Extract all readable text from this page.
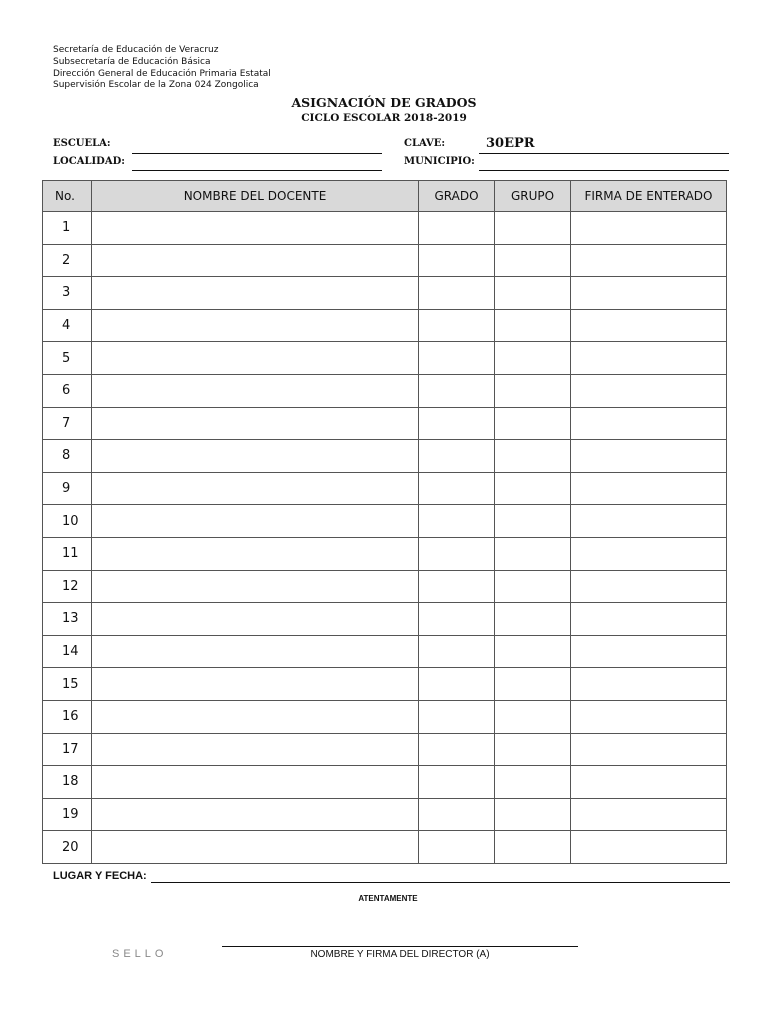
Secretaría de Educación de Veracruz
Subsecretaría de Educación Básica
Dirección General de Educación Primaria Estatal
Supervisión Escolar de la Zona 024 Zongolica
ASIGNACIÓN DE GRADOS
CICLO ESCOLAR 2018-2019
ESCUELA:
LOCALIDAD:
CLAVE:	30EPR
MUNICIPIO:
No.	NOMBRE DEL DOCENTE	GRADO	GRUPO	FIRMA DE ENTERADO
1				
2				
3				
4				
5				
6				
7				
8				
9				
10				
11				
12				
13				
14				
15				
16				
17				
18				
19				
20				
LUGAR Y FECHA:
ATENTAMENTE
SELLO	NOMBRE Y FIRMA DEL DIRECTOR (A)
